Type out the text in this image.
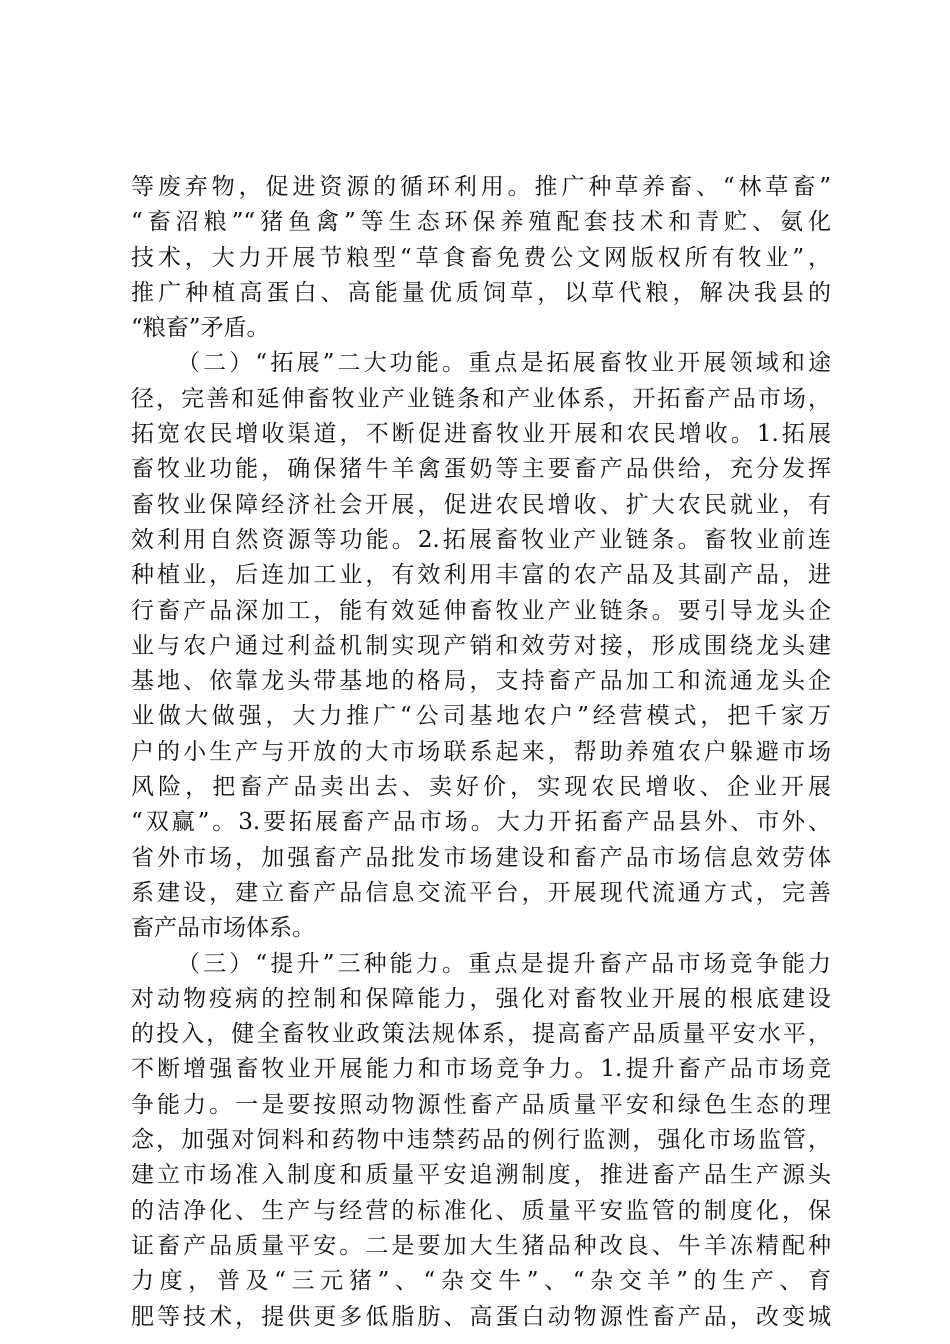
等废弃物，促进资源的循环利用。推广种草养畜、“林草畜”
“畜沼粮”“猪鱼禽”等生态环保养殖配套技术和青贮、氨化
技术，大力开展节粮型“草食畜免费公文网版权所有牧业”，
推广种植高蛋白、高能量优质饲草，以草代粮，解决我县的
“粮畜”矛盾。
（二）“拓展”二大功能。重点是拓展畜牧业开展领域和途
径，完善和延伸畜牧业产业链条和产业体系，开拓畜产品市场，
拓宽农民增收渠道，不断促进畜牧业开展和农民增收。1.拓展
畜牧业功能，确保猪牛羊禽蛋奶等主要畜产品供给，充分发挥
畜牧业保障经济社会开展，促进农民增收、扩大农民就业，有
效利用自然资源等功能。2.拓展畜牧业产业链条。畜牧业前连
种植业，后连加工业，有效利用丰富的农产品及其副产品，进
行畜产品深加工，能有效延伸畜牧业产业链条。要引导龙头企
业与农户通过利益机制实现产销和效劳对接，形成围绕龙头建
基地、依靠龙头带基地的格局，支持畜产品加工和流通龙头企
业做大做强，大力推广“公司基地农户”经营模式，把千家万
户的小生产与开放的大市场联系起来，帮助养殖农户躲避市场
风险，把畜产品卖出去、卖好价，实现农民增收、企业开展
“双赢”。3.要拓展畜产品市场。大力开拓畜产品县外、市外、
省外市场，加强畜产品批发市场建设和畜产品市场信息效劳体
系建设，建立畜产品信息交流平台，开展现代流通方式，完善
畜产品市场体系。
（三）“提升”三种能力。重点是提升畜产品市场竞争能力
对动物疫病的控制和保障能力，强化对畜牧业开展的根底建设
的投入，健全畜牧业政策法规体系，提高畜产品质量平安水平，
不断增强畜牧业开展能力和市场竞争力。1.提升畜产品市场竞
争能力。一是要按照动物源性畜产品质量平安和绿色生态的理
念，加强对饲料和药物中违禁药品的例行监测，强化市场监管，
建立市场准入制度和质量平安追溯制度，推进畜产品生产源头
的洁净化、生产与经营的标准化、质量平安监管的制度化，保
证畜产品质量平安。二是要加大生猪品种改良、牛羊冻精配种
力度，普及“三元猪”、“杂交牛”、“杂交羊”的生产、育
肥等技术，提供更多低脂肪、高蛋白动物源性畜产品，改变城
